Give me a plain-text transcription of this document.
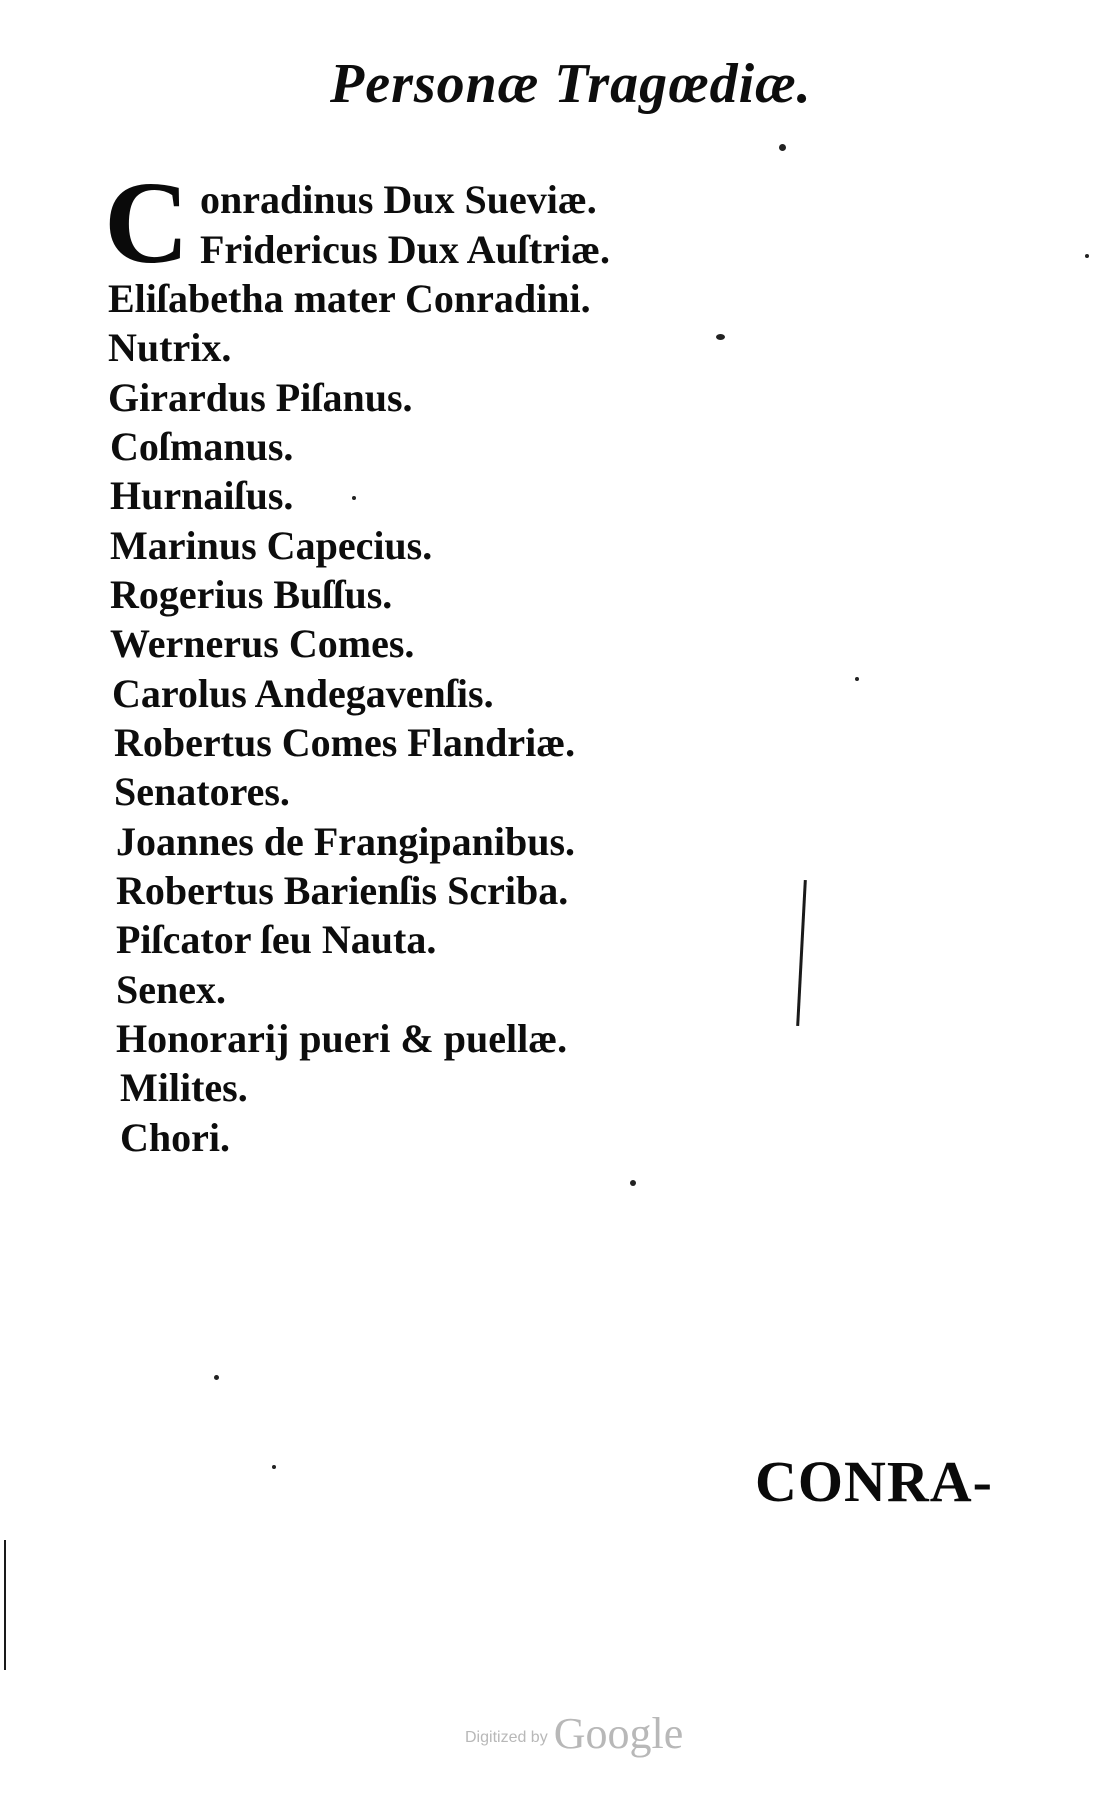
Personæ Tragœdiæ.
C onradinus Dux Sueviæ.
Fridericus Dux Auſtriæ.
Eliſabetha mater Conradini.
Nutrix.
Girardus Piſanus.
Coſmanus.
Hurnaiſus.
Marinus Capecius.
Rogerius Buſſus.
Wernerus Comes.
Carolus Andegavenſis.
Robertus Comes Flandriæ.
Senatores.
Joannes de Frangipanibus.
Robertus Barienſis Scriba.
Piſcator ſeu Nauta.
Senex.
Honorarij pueri & puellæ.
Milites.
Chori.
CONRA-
Digitized by Google
